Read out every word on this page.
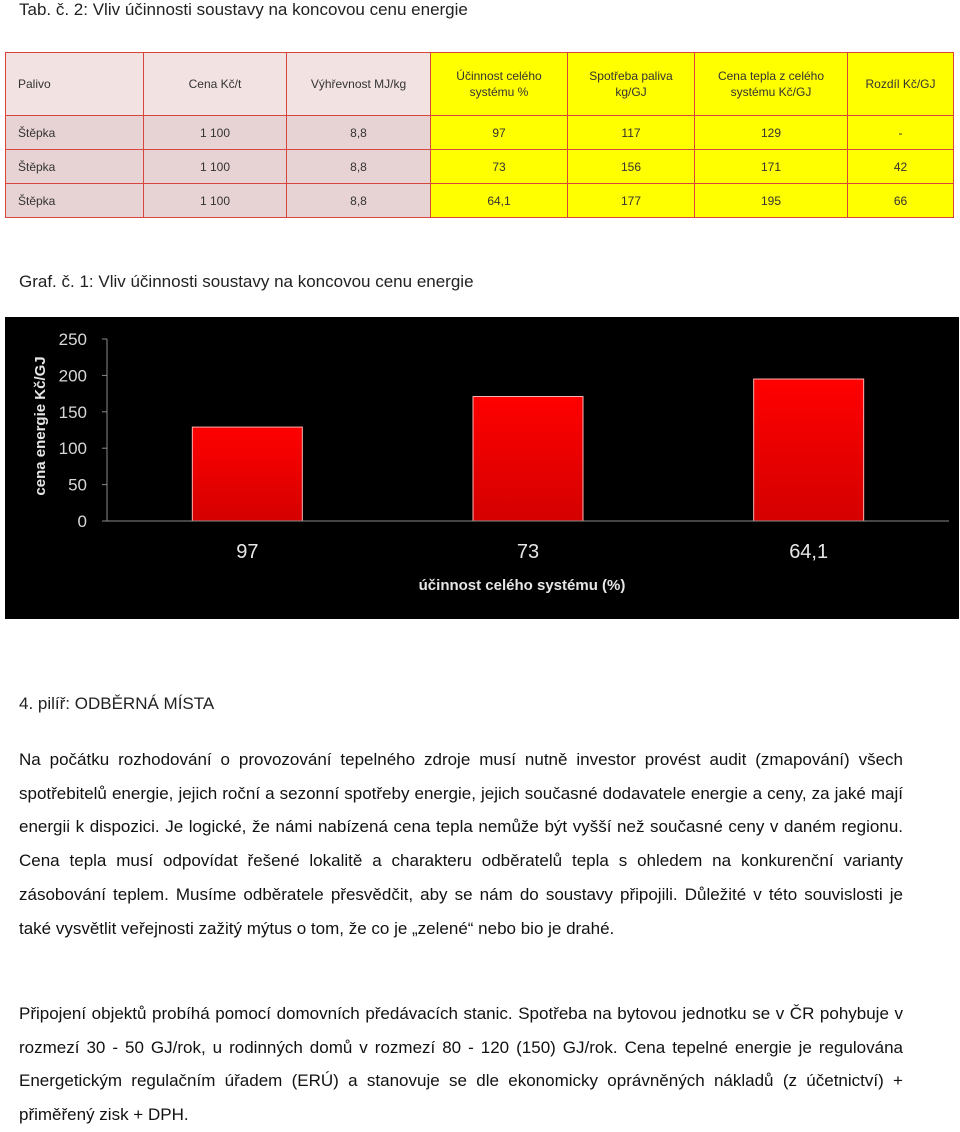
Tab. č. 2: Vliv účinnosti soustavy na koncovou cenu energie
Palivo	Cena Kč/t	Výhřevnost MJ/kg	Účinnost celého systému %	Spotřeba paliva kg/GJ	Cena tepla z celého systému Kč/GJ	Rozdíl Kč/GJ
Štěpka	1 100	8,8	97	117	129	-
Štěpka	1 100	8,8	73	156	171	42
Štěpka	1 100	8,8	64,1	177	195	66
Graf. č. 1: Vliv účinnosti soustavy na koncovou cenu energie
0
50
100
150
200
250
97	73	64,1
cena energie Kč/GJ
účinnost celého systému (%)
4. pilíř: ODBĚRNÁ MÍSTA

Na počátku rozhodování o provozování tepelného zdroje musí nutně investor provést audit (zmapování) všech spotřebitelů energie, jejich roční a sezonní spotřeby energie, jejich současné dodavatele energie a ceny, za jaké mají energii k dispozici. Je logické, že námi nabízená cena tepla nemůže být vyšší než současné ceny v daném regionu. Cena tepla musí odpovídat řešené lokalitě a charakteru odběratelů tepla s ohledem na konkurenční varianty zásobování teplem. Musíme odběratele přesvědčit, aby se nám do soustavy připojili. Důležité v této souvislosti je také vysvětlit veřejnosti zažitý mýtus o tom, že co je „zelené“ nebo bio je drahé.

Připojení objektů probíhá pomocí domovních předávacích stanic. Spotřeba na bytovou jednotku se v ČR pohybuje v rozmezí 30 - 50 GJ/rok, u rodinných domů v rozmezí 80 - 120 (150) GJ/rok. Cena tepelné energie je regulována Energetickým regulačním úřadem (ERÚ) a stanovuje se dle ekonomicky oprávněných nákladů (z účetnictví) + přiměřený zisk + DPH.
